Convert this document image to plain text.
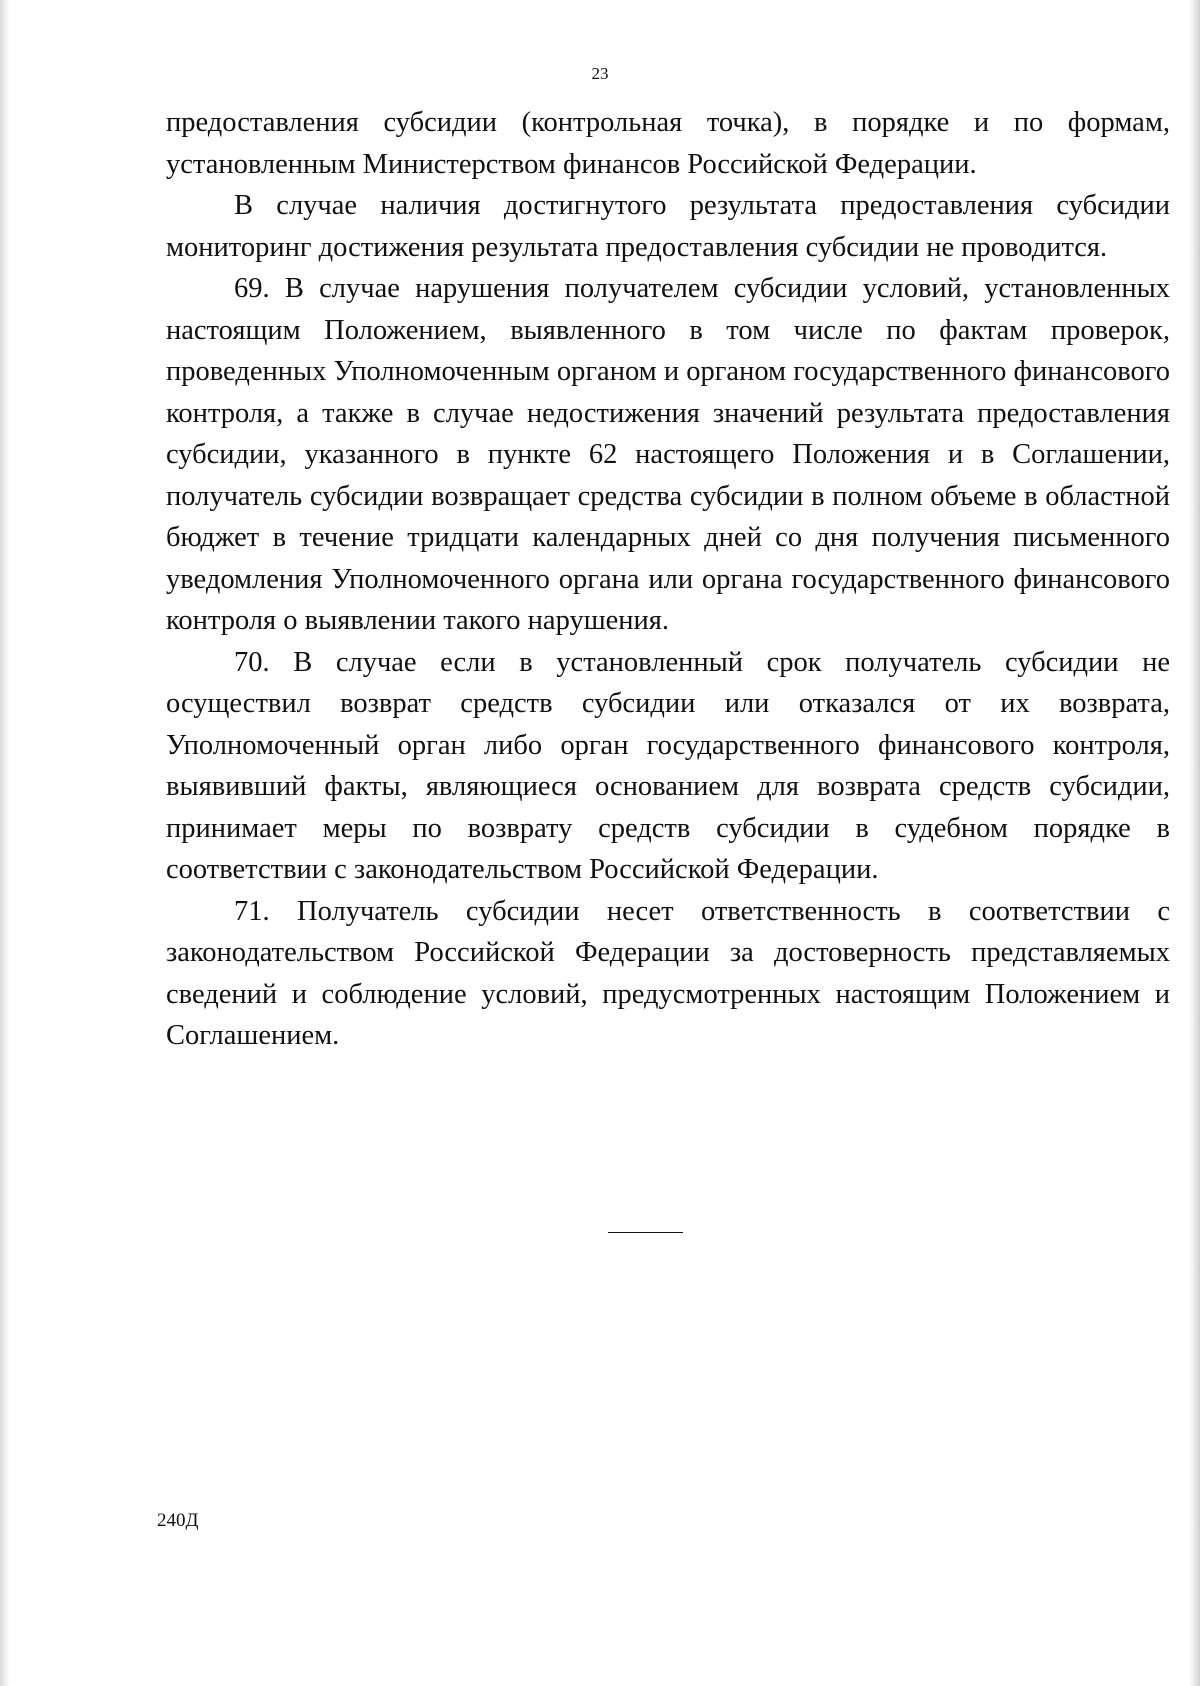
23

предоставления субсидии (контрольная точка), в порядке и по формам, установленным Министерством финансов Российской Федерации.

В случае наличия достигнутого результата предоставления субсидии мониторинг достижения результата предоставления субсидии не проводится.

69. В случае нарушения получателем субсидии условий, установленных настоящим Положением, выявленного в том числе по фактам проверок, проведенных Уполномоченным органом и органом государственного финансового контроля, а также в случае недостижения значений результата предоставления субсидии, указанного в пункте 62 настоящего Положения и в Соглашении, получатель субсидии возвращает средства субсидии в полном объеме в областной бюджет в течение тридцати календарных дней со дня получения письменного уведомления Уполномоченного органа или органа государственного финансового контроля о выявлении такого нарушения.

70. В случае если в установленный срок получатель субсидии не осуществил возврат средств субсидии или отказался от их возврата, Уполномоченный орган либо орган государственного финансового контроля, выявивший факты, являющиеся основанием для возврата средств субсидии, принимает меры по возврату средств субсидии в судебном порядке в соответствии с законодательством Российской Федерации.

71. Получатель субсидии несет ответственность в соответствии с законодательством Российской Федерации за достоверность представляемых сведений и соблюдение условий, предусмотренных настоящим Положением и Соглашением.

240Д
